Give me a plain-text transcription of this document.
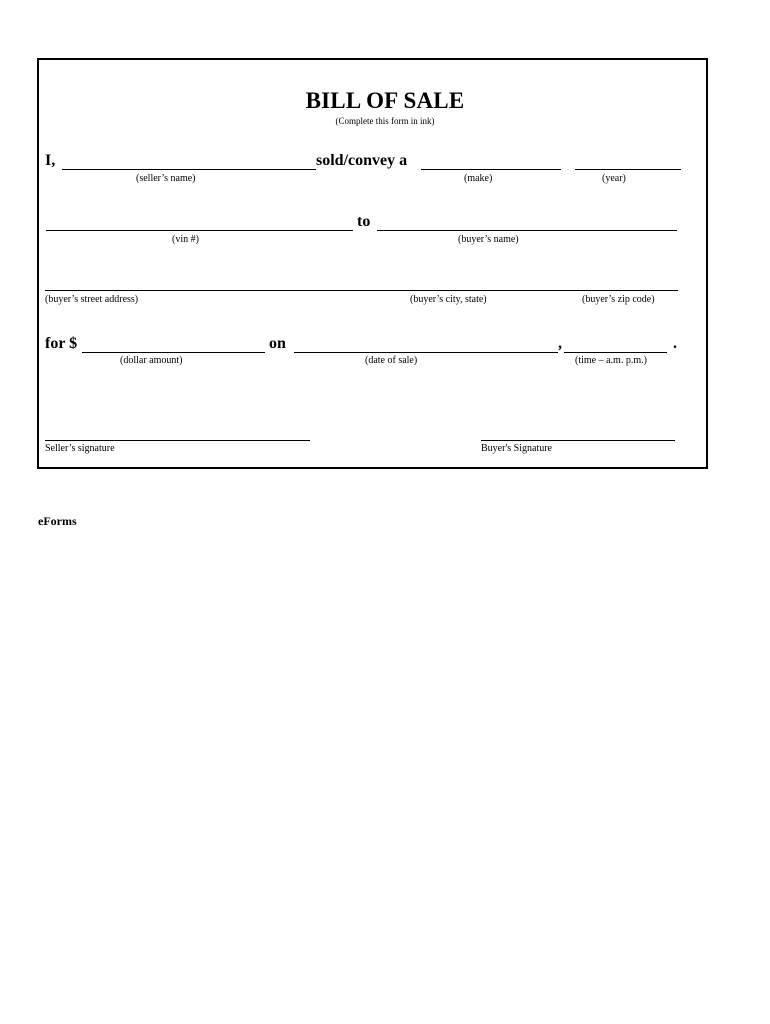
BILL OF SALE
(Complete this form in ink)
I,	sold/convey a
(seller’s name)	(make)	(year)
to
(vin #)	(buyer’s name)
(buyer’s street address)	(buyer’s city, state)	(buyer’s zip code)
for $	on	,	.
(dollar amount)	(date of sale)	(time – a.m. p.m.)
Seller’s signature	Buyer's Signature
eForms
